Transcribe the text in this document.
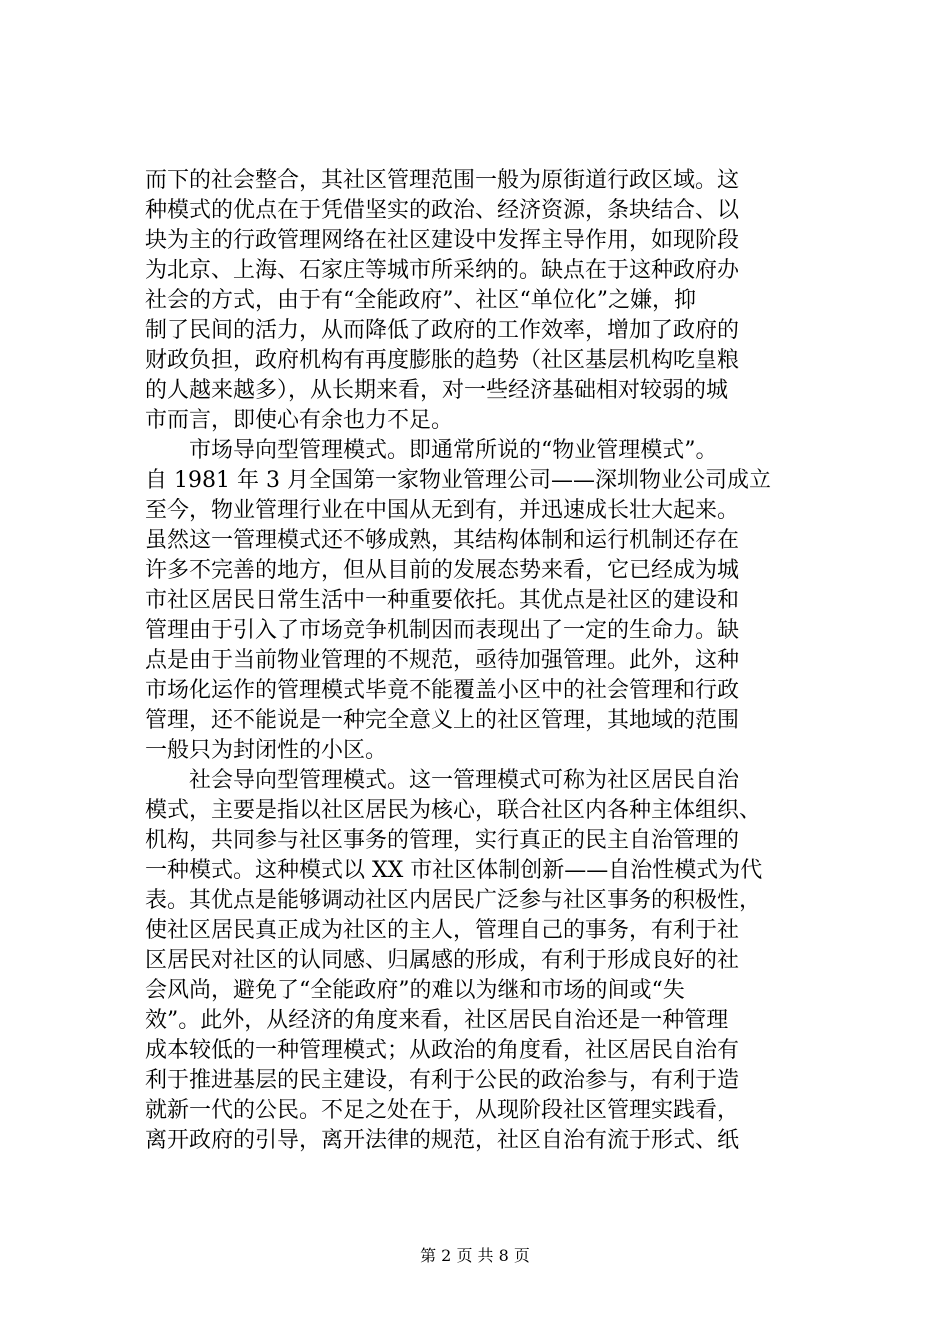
而下的社会整合，其社区管理范围一般为原街道行政区域。这
种模式的优点在于凭借坚实的政治、经济资源，条块结合、以
块为主的行政管理网络在社区建设中发挥主导作用，如现阶段
为北京、上海、石家庄等城市所采纳的。缺点在于这种政府办
社会的方式，由于有“全能政府”、社区“单位化”之嫌，抑
制了民间的活力，从而降低了政府的工作效率，增加了政府的
财政负担，政府机构有再度膨胀的趋势（社区基层机构吃皇粮
的人越来越多），从长期来看，对一些经济基础相对较弱的城
市而言，即使心有余也力不足。
　　市场导向型管理模式。即通常所说的“物业管理模式”。
自 1981 年 3 月全国第一家物业管理公司——深圳物业公司成立
至今，物业管理行业在中国从无到有，并迅速成长壮大起来。
虽然这一管理模式还不够成熟，其结构体制和运行机制还存在
许多不完善的地方，但从目前的发展态势来看，它已经成为城
市社区居民日常生活中一种重要依托。其优点是社区的建设和
管理由于引入了市场竞争机制因而表现出了一定的生命力。缺
点是由于当前物业管理的不规范，亟待加强管理。此外，这种
市场化运作的管理模式毕竟不能覆盖小区中的社会管理和行政
管理，还不能说是一种完全意义上的社区管理，其地域的范围
一般只为封闭性的小区。
　　社会导向型管理模式。这一管理模式可称为社区居民自治
模式，主要是指以社区居民为核心，联合社区内各种主体组织、
机构，共同参与社区事务的管理，实行真正的民主自治管理的
一种模式。这种模式以 XX 市社区体制创新——自治性模式为代
表。其优点是能够调动社区内居民广泛参与社区事务的积极性，
使社区居民真正成为社区的主人，管理自己的事务，有利于社
区居民对社区的认同感、归属感的形成，有利于形成良好的社
会风尚，避免了“全能政府”的难以为继和市场的间或“失
效”。此外，从经济的角度来看，社区居民自治还是一种管理
成本较低的一种管理模式；从政治的角度看，社区居民自治有
利于推进基层的民主建设，有利于公民的政治参与，有利于造
就新一代的公民。不足之处在于，从现阶段社区管理实践看，
离开政府的引导，离开法律的规范，社区自治有流于形式、纸
第 2 页 共 8 页
